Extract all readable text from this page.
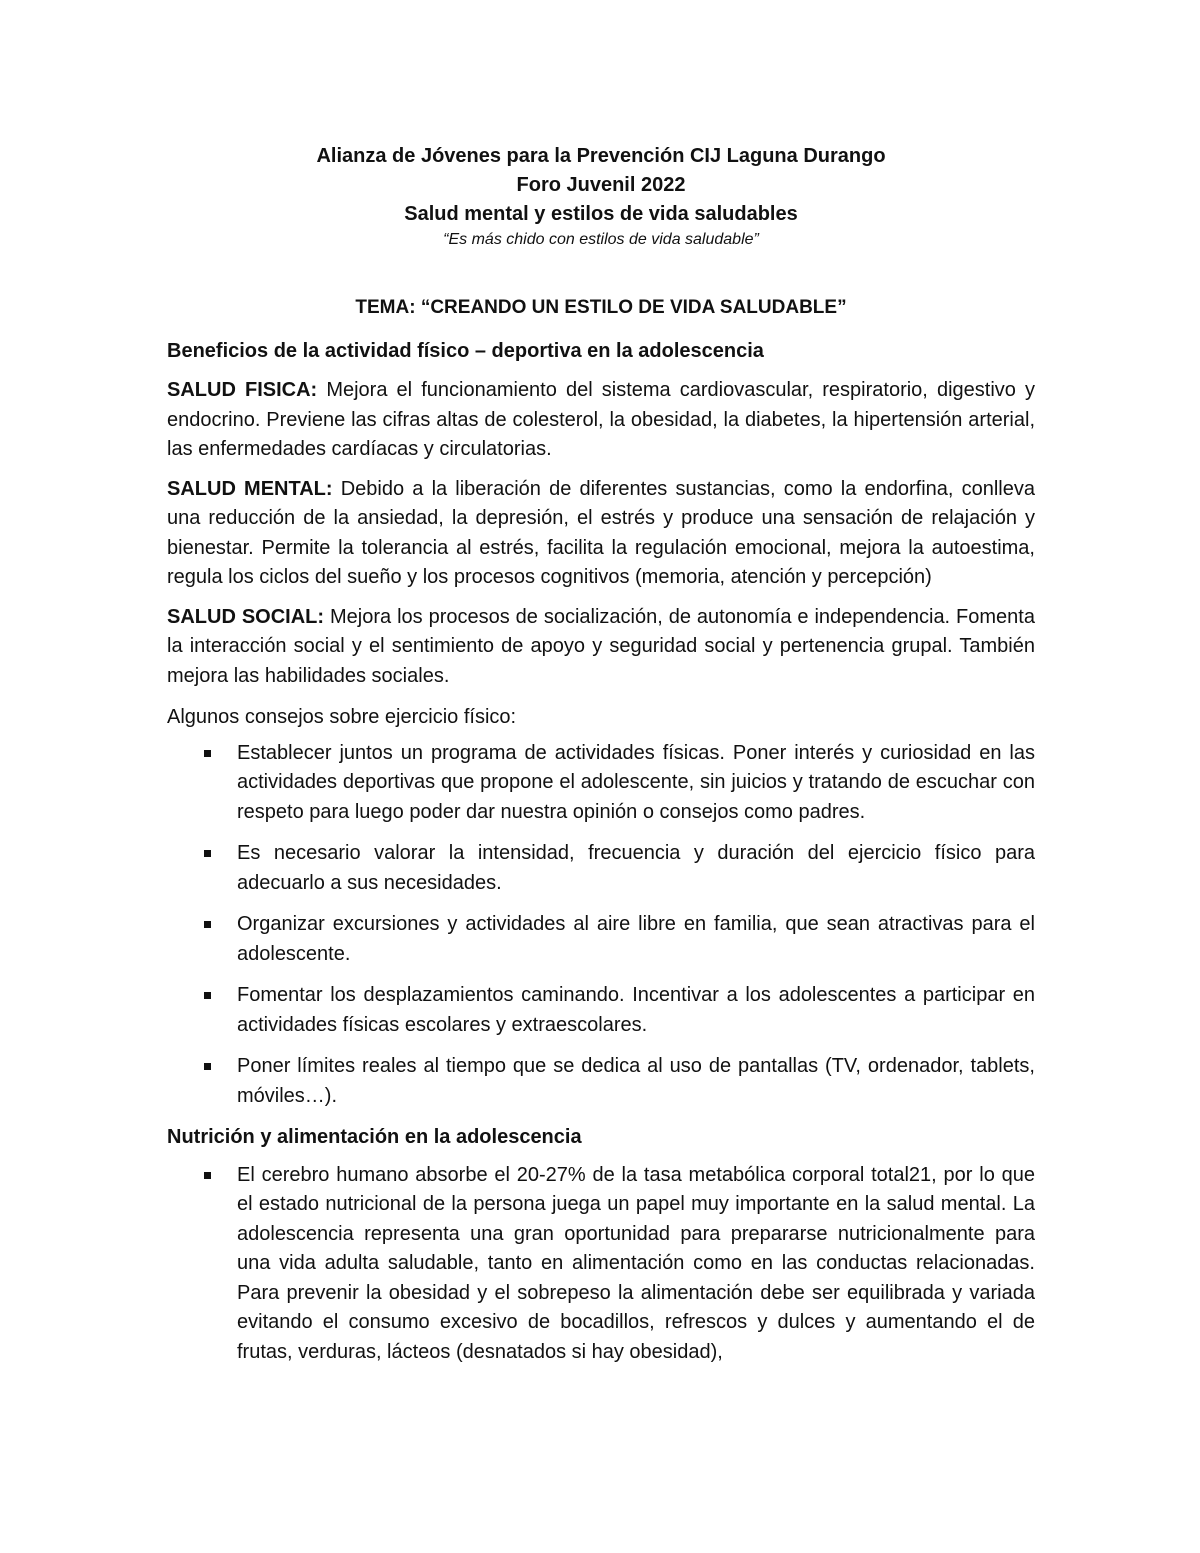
Alianza de Jóvenes para la Prevención CIJ Laguna Durango
Foro Juvenil 2022
Salud mental y estilos de vida saludables
“Es más chido con estilos de vida saludable”
TEMA: “CREANDO UN ESTILO DE VIDA SALUDABLE”
Beneficios de la actividad físico – deportiva en la adolescencia

SALUD FISICA: Mejora el funcionamiento del sistema cardiovascular, respiratorio, digestivo y endocrino. Previene las cifras altas de colesterol, la obesidad, la diabetes, la hipertensión arterial, las enfermedades cardíacas y circulatorias.

SALUD MENTAL: Debido a la liberación de diferentes sustancias, como la endorfina, conlleva una reducción de la ansiedad, la depresión, el estrés y produce una sensación de relajación y bienestar. Permite la tolerancia al estrés, facilita la regulación emocional, mejora la autoestima, regula los ciclos del sueño y los procesos cognitivos (memoria, atención y percepción)

SALUD SOCIAL: Mejora los procesos de socialización, de autonomía e independencia. Fomenta la interacción social y el sentimiento de apoyo y seguridad social y pertenencia grupal. También mejora las habilidades sociales.

Algunos consejos sobre ejercicio físico:

Establecer juntos un programa de actividades físicas. Poner interés y curiosidad en las actividades deportivas que propone el adolescente, sin juicios y tratando de escuchar con respeto para luego poder dar nuestra opinión o consejos como padres.
Es necesario valorar la intensidad, frecuencia y duración del ejercicio físico para adecuarlo a sus necesidades.
Organizar excursiones y actividades al aire libre en familia, que sean atractivas para el adolescente.
Fomentar los desplazamientos caminando. Incentivar a los adolescentes a participar en actividades físicas escolares y extraescolares.
Poner límites reales al tiempo que se dedica al uso de pantallas (TV, ordenador, tablets, móviles…).
Nutrición y alimentación en la adolescencia
El cerebro humano absorbe el 20-27% de la tasa metabólica corporal total21, por lo que el estado nutricional de la persona juega un papel muy importante en la salud mental. La adolescencia representa una gran oportunidad para prepararse nutricionalmente para una vida adulta saludable, tanto en alimentación como en las conductas relacionadas. Para prevenir la obesidad y el sobrepeso la alimentación debe ser equilibrada y variada evitando el consumo excesivo de bocadillos, refrescos y dulces y aumentando el de frutas, verduras, lácteos (desnatados si hay obesidad),
